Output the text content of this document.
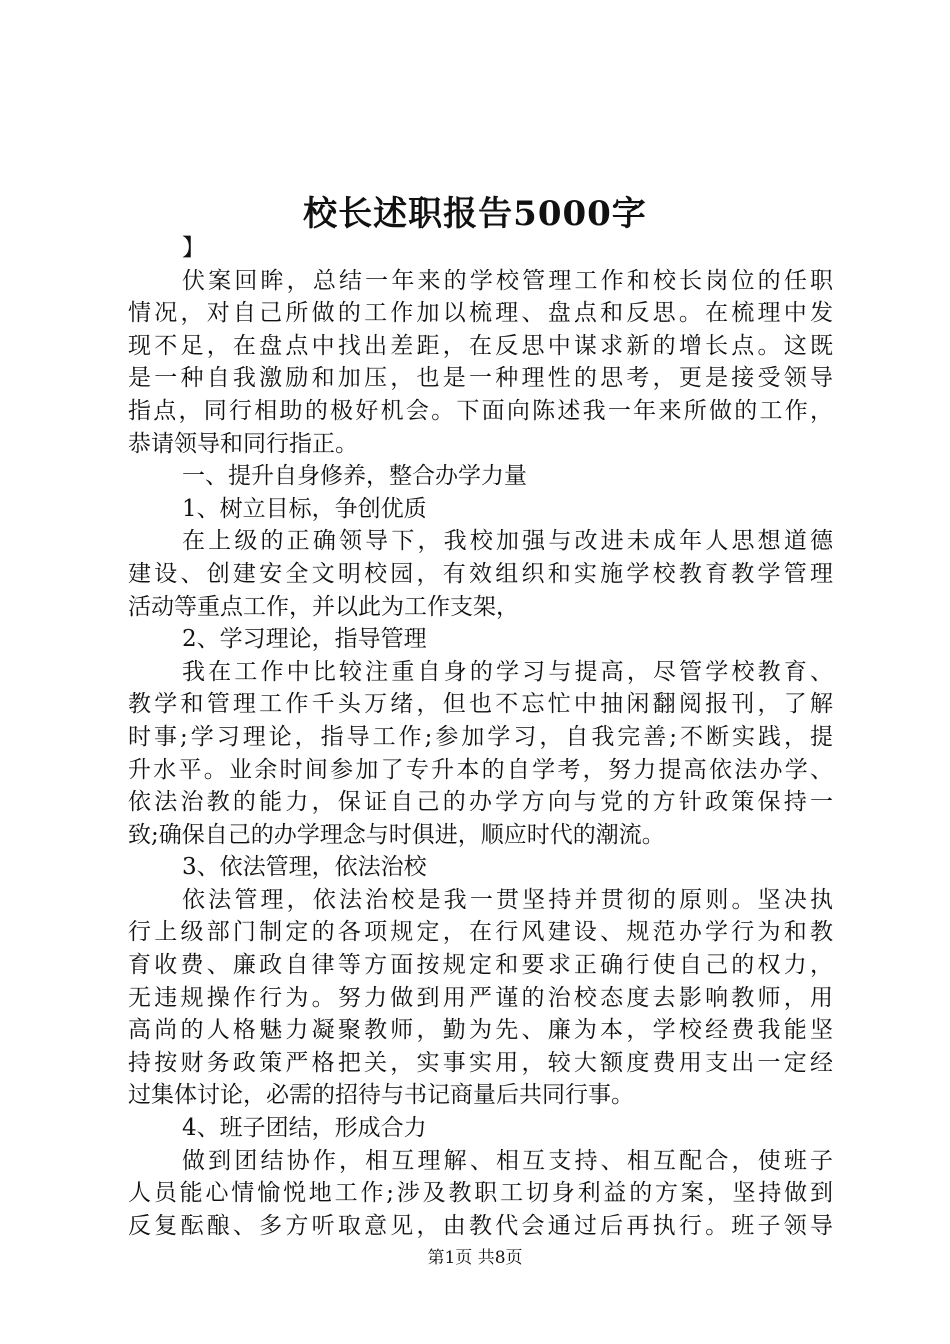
校长述职报告5000字
】
伏案回眸，总结一年来的学校管理工作和校长岗位的任职
情况，对自己所做的工作加以梳理、盘点和反思。在梳理中发
现不足，在盘点中找出差距，在反思中谋求新的增长点。这既
是一种自我激励和加压，也是一种理性的思考，更是接受领导
指点，同行相助的极好机会。下面向陈述我一年来所做的工作，
恭请领导和同行指正。
一、提升自身修养，整合办学力量
1、树立目标，争创优质
在上级的正确领导下，我校加强与改进未成年人思想道德
建设、创建安全文明校园，有效组织和实施学校教育教学管理
活动等重点工作，并以此为工作支架，
2、学习理论，指导管理
我在工作中比较注重自身的学习与提高，尽管学校教育、
教学和管理工作千头万绪，但也不忘忙中抽闲翻阅报刊，了解
时事;学习理论，指导工作;参加学习，自我完善;不断实践，提
升水平。业余时间参加了专升本的自学考，努力提高依法办学、
依法治教的能力，保证自己的办学方向与党的方针政策保持一
致;确保自己的办学理念与时俱进，顺应时代的潮流。
3、依法管理，依法治校
依法管理，依法治校是我一贯坚持并贯彻的原则。坚决执
行上级部门制定的各项规定，在行风建设、规范办学行为和教
育收费、廉政自律等方面按规定和要求正确行使自己的权力，
无违规操作行为。努力做到用严谨的治校态度去影响教师，用
高尚的人格魅力凝聚教师，勤为先、廉为本，学校经费我能坚
持按财务政策严格把关，实事实用，较大额度费用支出一定经
过集体讨论，必需的招待与书记商量后共同行事。
4、班子团结，形成合力
做到团结协作，相互理解、相互支持、相互配合，使班子
人员能心情愉悦地工作;涉及教职工切身利益的方案，坚持做到
反复酝酿、多方听取意见，由教代会通过后再执行。班子领导
第1页 共8页
